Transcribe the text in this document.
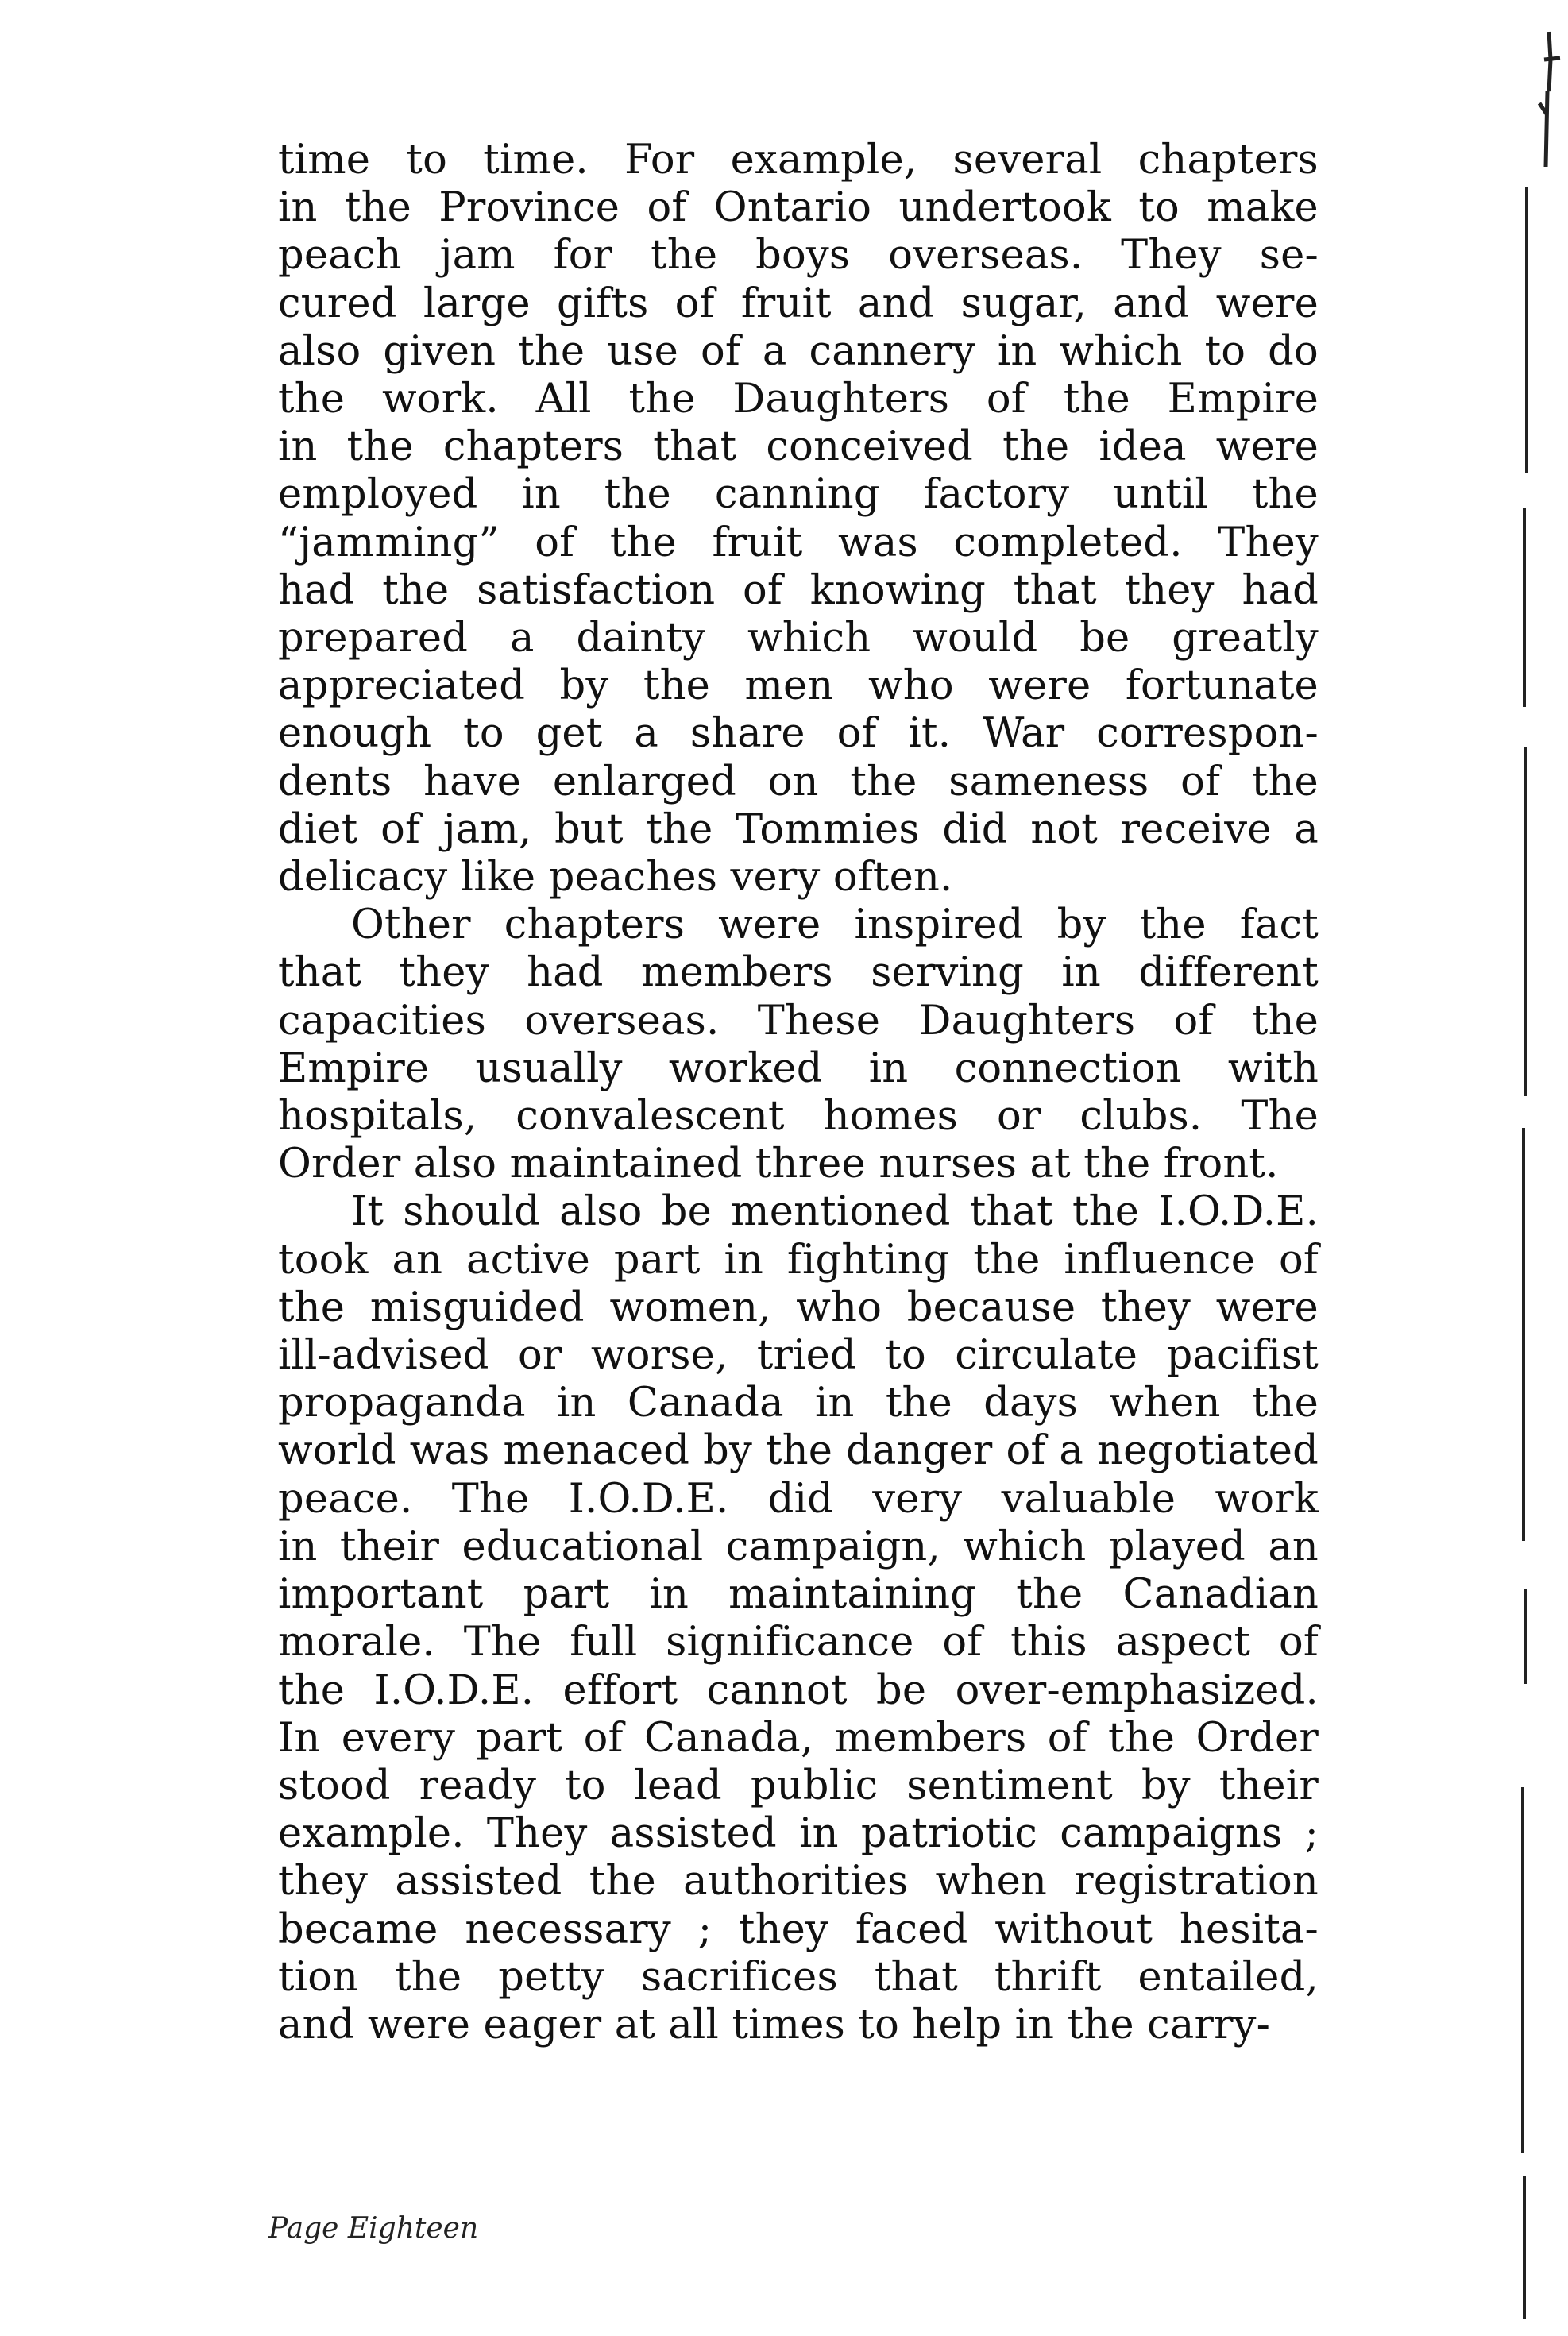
time to time. For example, several chapters
in the Province of Ontario undertook to make
peach jam for the boys overseas. They se-
cured large gifts of fruit and sugar, and were
also given the use of a cannery in which to do
the work. All the Daughters of the Empire
in the chapters that conceived the idea were
employed in the canning factory until the
“jamming” of the fruit was completed. They
had the satisfaction of knowing that they had
prepared a dainty which would be greatly
appreciated by the men who were fortunate
enough to get a share of it. War correspon-
dents have enlarged on the sameness of the
diet of jam, but the Tommies did not receive a
delicacy like peaches very often.
Other chapters were inspired by the fact
that they had members serving in different
capacities overseas. These Daughters of the
Empire usually worked in connection with
hospitals, convalescent homes or clubs. The
Order also maintained three nurses at the front.
It should also be mentioned that the I.O.D.E.
took an active part in fighting the influence of
the misguided women, who because they were
ill-advised or worse, tried to circulate pacifist
propaganda in Canada in the days when the
world was menaced by the danger of a negotiated
peace. The I.O.D.E. did very valuable work
in their educational campaign, which played an
important part in maintaining the Canadian
morale. The full significance of this aspect of
the I.O.D.E. effort cannot be over-emphasized.
In every part of Canada, members of the Order
stood ready to lead public sentiment by their
example. They assisted in patriotic campaigns ;
they assisted the authorities when registration
became necessary ; they faced without hesita-
tion the petty sacrifices that thrift entailed,
and were eager at all times to help in the carry-
Page Eighteen
